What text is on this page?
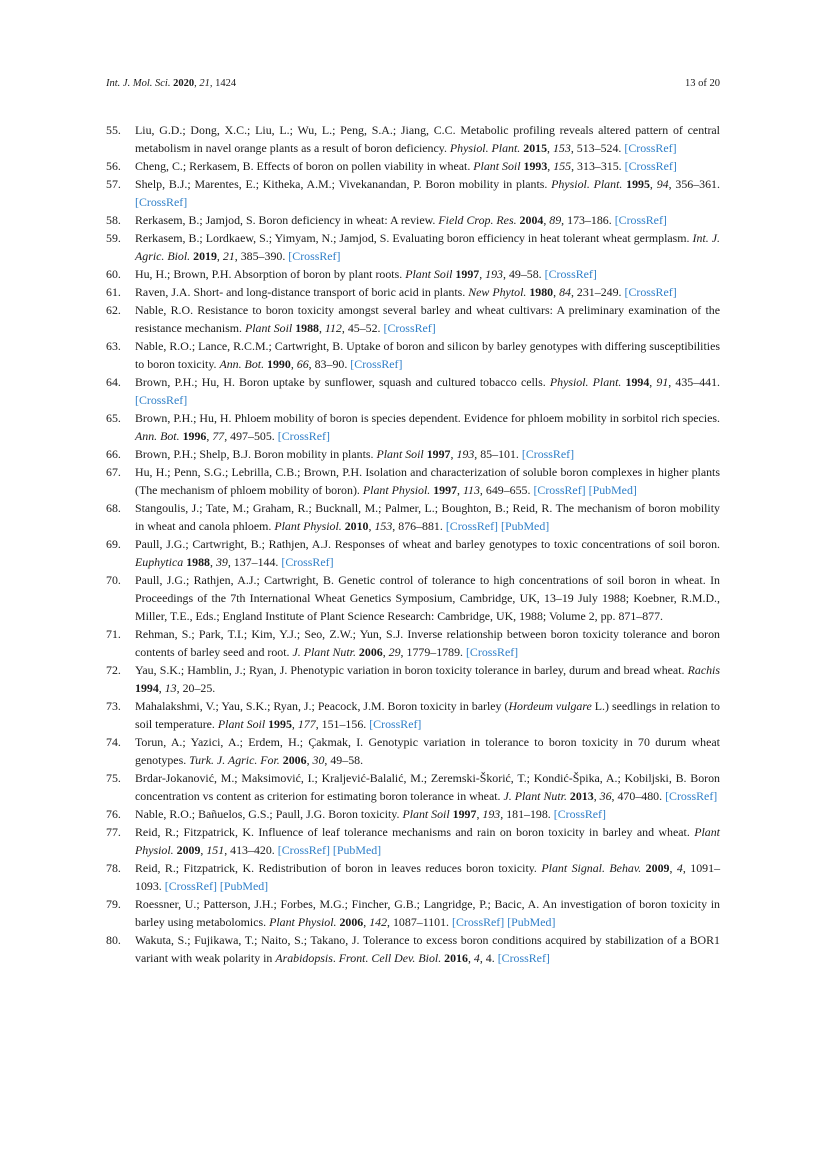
Int. J. Mol. Sci. 2020, 21, 1424	13 of 20
55. Liu, G.D.; Dong, X.C.; Liu, L.; Wu, L.; Peng, S.A.; Jiang, C.C. Metabolic profiling reveals altered pattern of central metabolism in navel orange plants as a result of boron deficiency. Physiol. Plant. 2015, 153, 513–524. [CrossRef]
56. Cheng, C.; Rerkasem, B. Effects of boron on pollen viability in wheat. Plant Soil 1993, 155, 313–315. [CrossRef]
57. Shelp, B.J.; Marentes, E.; Kitheka, A.M.; Vivekanandan, P. Boron mobility in plants. Physiol. Plant. 1995, 94, 356–361. [CrossRef]
58. Rerkasem, B.; Jamjod, S. Boron deficiency in wheat: A review. Field Crop. Res. 2004, 89, 173–186. [CrossRef]
59. Rerkasem, B.; Lordkaew, S.; Yimyam, N.; Jamjod, S. Evaluating boron efficiency in heat tolerant wheat germplasm. Int. J. Agric. Biol. 2019, 21, 385–390. [CrossRef]
60. Hu, H.; Brown, P.H. Absorption of boron by plant roots. Plant Soil 1997, 193, 49–58. [CrossRef]
61. Raven, J.A. Short- and long-distance transport of boric acid in plants. New Phytol. 1980, 84, 231–249. [CrossRef]
62. Nable, R.O. Resistance to boron toxicity amongst several barley and wheat cultivars: A preliminary examination of the resistance mechanism. Plant Soil 1988, 112, 45–52. [CrossRef]
63. Nable, R.O.; Lance, R.C.M.; Cartwright, B. Uptake of boron and silicon by barley genotypes with differing susceptibilities to boron toxicity. Ann. Bot. 1990, 66, 83–90. [CrossRef]
64. Brown, P.H.; Hu, H. Boron uptake by sunflower, squash and cultured tobacco cells. Physiol. Plant. 1994, 91, 435–441. [CrossRef]
65. Brown, P.H.; Hu, H. Phloem mobility of boron is species dependent. Evidence for phloem mobility in sorbitol rich species. Ann. Bot. 1996, 77, 497–505. [CrossRef]
66. Brown, P.H.; Shelp, B.J. Boron mobility in plants. Plant Soil 1997, 193, 85–101. [CrossRef]
67. Hu, H.; Penn, S.G.; Lebrilla, C.B.; Brown, P.H. Isolation and characterization of soluble boron complexes in higher plants (The mechanism of phloem mobility of boron). Plant Physiol. 1997, 113, 649–655. [CrossRef] [PubMed]
68. Stangoulis, J.; Tate, M.; Graham, R.; Bucknall, M.; Palmer, L.; Boughton, B.; Reid, R. The mechanism of boron mobility in wheat and canola phloem. Plant Physiol. 2010, 153, 876–881. [CrossRef] [PubMed]
69. Paull, J.G.; Cartwright, B.; Rathjen, A.J. Responses of wheat and barley genotypes to toxic concentrations of soil boron. Euphytica 1988, 39, 137–144. [CrossRef]
70. Paull, J.G.; Rathjen, A.J.; Cartwright, B. Genetic control of tolerance to high concentrations of soil boron in wheat. In Proceedings of the 7th International Wheat Genetics Symposium, Cambridge, UK, 13–19 July 1988; Koebner, R.M.D., Miller, T.E., Eds.; England Institute of Plant Science Research: Cambridge, UK, 1988; Volume 2, pp. 871–877.
71. Rehman, S.; Park, T.I.; Kim, Y.J.; Seo, Z.W.; Yun, S.J. Inverse relationship between boron toxicity tolerance and boron contents of barley seed and root. J. Plant Nutr. 2006, 29, 1779–1789. [CrossRef]
72. Yau, S.K.; Hamblin, J.; Ryan, J. Phenotypic variation in boron toxicity tolerance in barley, durum and bread wheat. Rachis 1994, 13, 20–25.
73. Mahalakshmi, V.; Yau, S.K.; Ryan, J.; Peacock, J.M. Boron toxicity in barley (Hordeum vulgare L.) seedlings in relation to soil temperature. Plant Soil 1995, 177, 151–156. [CrossRef]
74. Torun, A.; Yazici, A.; Erdem, H.; Çakmak, I. Genotypic variation in tolerance to boron toxicity in 70 durum wheat genotypes. Turk. J. Agric. For. 2006, 30, 49–58.
75. Brdar-Jokanović, M.; Maksimović, I.; Kraljević-Balalić, M.; Zeremski-Škorić, T.; Kondić-Špika, A.; Kobiljski, B. Boron concentration vs content as criterion for estimating boron tolerance in wheat. J. Plant Nutr. 2013, 36, 470–480. [CrossRef]
76. Nable, R.O.; Bañuelos, G.S.; Paull, J.G. Boron toxicity. Plant Soil 1997, 193, 181–198. [CrossRef]
77. Reid, R.; Fitzpatrick, K. Influence of leaf tolerance mechanisms and rain on boron toxicity in barley and wheat. Plant Physiol. 2009, 151, 413–420. [CrossRef] [PubMed]
78. Reid, R.; Fitzpatrick, K. Redistribution of boron in leaves reduces boron toxicity. Plant Signal. Behav. 2009, 4, 1091–1093. [CrossRef] [PubMed]
79. Roessner, U.; Patterson, J.H.; Forbes, M.G.; Fincher, G.B.; Langridge, P.; Bacic, A. An investigation of boron toxicity in barley using metabolomics. Plant Physiol. 2006, 142, 1087–1101. [CrossRef] [PubMed]
80. Wakuta, S.; Fujikawa, T.; Naito, S.; Takano, J. Tolerance to excess boron conditions acquired by stabilization of a BOR1 variant with weak polarity in Arabidopsis. Front. Cell Dev. Biol. 2016, 4, 4. [CrossRef]
